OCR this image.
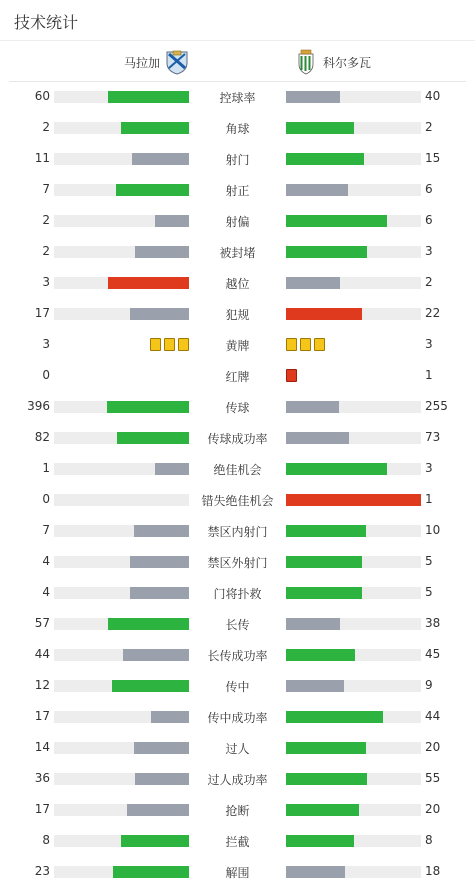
技术统计
马拉加	科尔多瓦
60	控球率	40
2	角球	2
11	射门	15
7	射正	6
2	射偏	6
2	被封堵	3
3	越位	2
17	犯规	22
3	黄牌	3
0	红牌	1
396	传球	255
82	传球成功率	73
1	绝佳机会	3
0	错失绝佳机会	1
7	禁区内射门	10
4	禁区外射门	5
4	门将扑救	5
57	长传	38
44	长传成功率	45
12	传中	9
17	传中成功率	44
14	过人	20
36	过人成功率	55
17	抢断	20
8	拦截	8
23	解围	18
